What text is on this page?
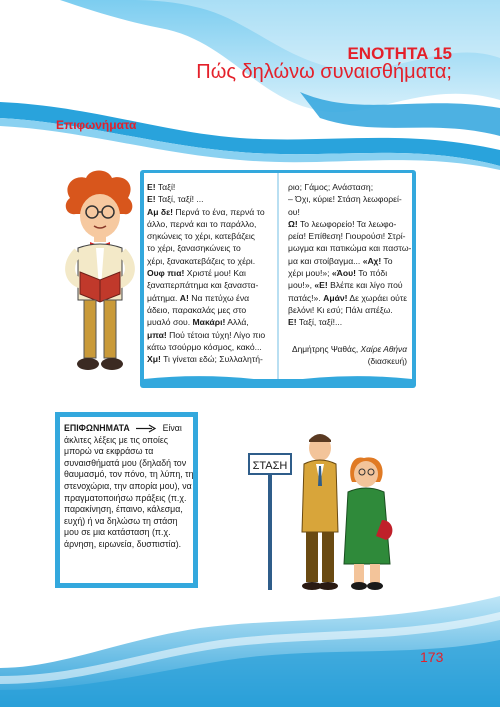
ΕΝΟΤΗΤΑ 15
Πώς δηλώνω συναισθήματα;
Επιφωνήματα
Ε! Ταξί!
Ε! Ταξί, ταξί! ...
Αμ δε! Περνά το ένα, περνά το
άλλο, περνά και το παράλλο,
σηκώνεις το χέρι, κατεβάζεις
το χέρι, ξανασηκώνεις το
χέρι, ξανακατεβάζεις το χέρι.
Ουφ πια! Χριστέ μου! Και
ξαναπερπάτημα και ξαναστα-
μάτημα. Α! Να πετύχω ένα
άδειο, παρακαλάς μες στο
μυαλό σου. Μακάρι! Αλλά,
μπα! Πού τέτοια τύχη! Λίγο πιο
κάτω τσούρμο κόσμος, κακό...
Χμ! Τι γίνεται εδώ; Συλλαλητή-
ριο; Γάμος; Ανάσταση;
– Όχι, κύριε! Στάση λεωφορεί-
ου!
Ω! Το λεωφορείο! Τα λεωφο-
ρεία! Επίθεση! Γιουρούσι! Στρί-
μωγμα και πατικώμα και παστω-
μα και στοίβαγμα... «Αχ! Το
χέρι μου!»; «Άου! Το πόδι
μου!», «Ε! Βλέπε και λίγο πού
πατάς!». Αμάν! Δε χωράει ούτε
βελόνι! Κι εσύ; Πάλι απέξω.
Ε! Ταξί, ταξί!...
Δημήτρης Ψαθάς, Χαίρε Αθήνα
(διασκευή)
ΕΠΙΦΩΝΗΜΑΤΑ	Είναι άκλιτες λέξεις με τις οποίες μπορώ να εκφράσω τα συναισθήματά μου (δηλαδή τον θαυμασμό, τον πόνο, τη λύπη, τη στενοχώρια, την απορία μου), να πραγματοποιήσω πράξεις (π.χ. παρακίνηση, έπαινο, κάλεσμα, ευχή) ή να δηλώσω τη στάση μου σε μια κατάσταση (π.χ. άρνηση, ειρωνεία, δυσπιστία).
ΣΤΑΣΗ
173
